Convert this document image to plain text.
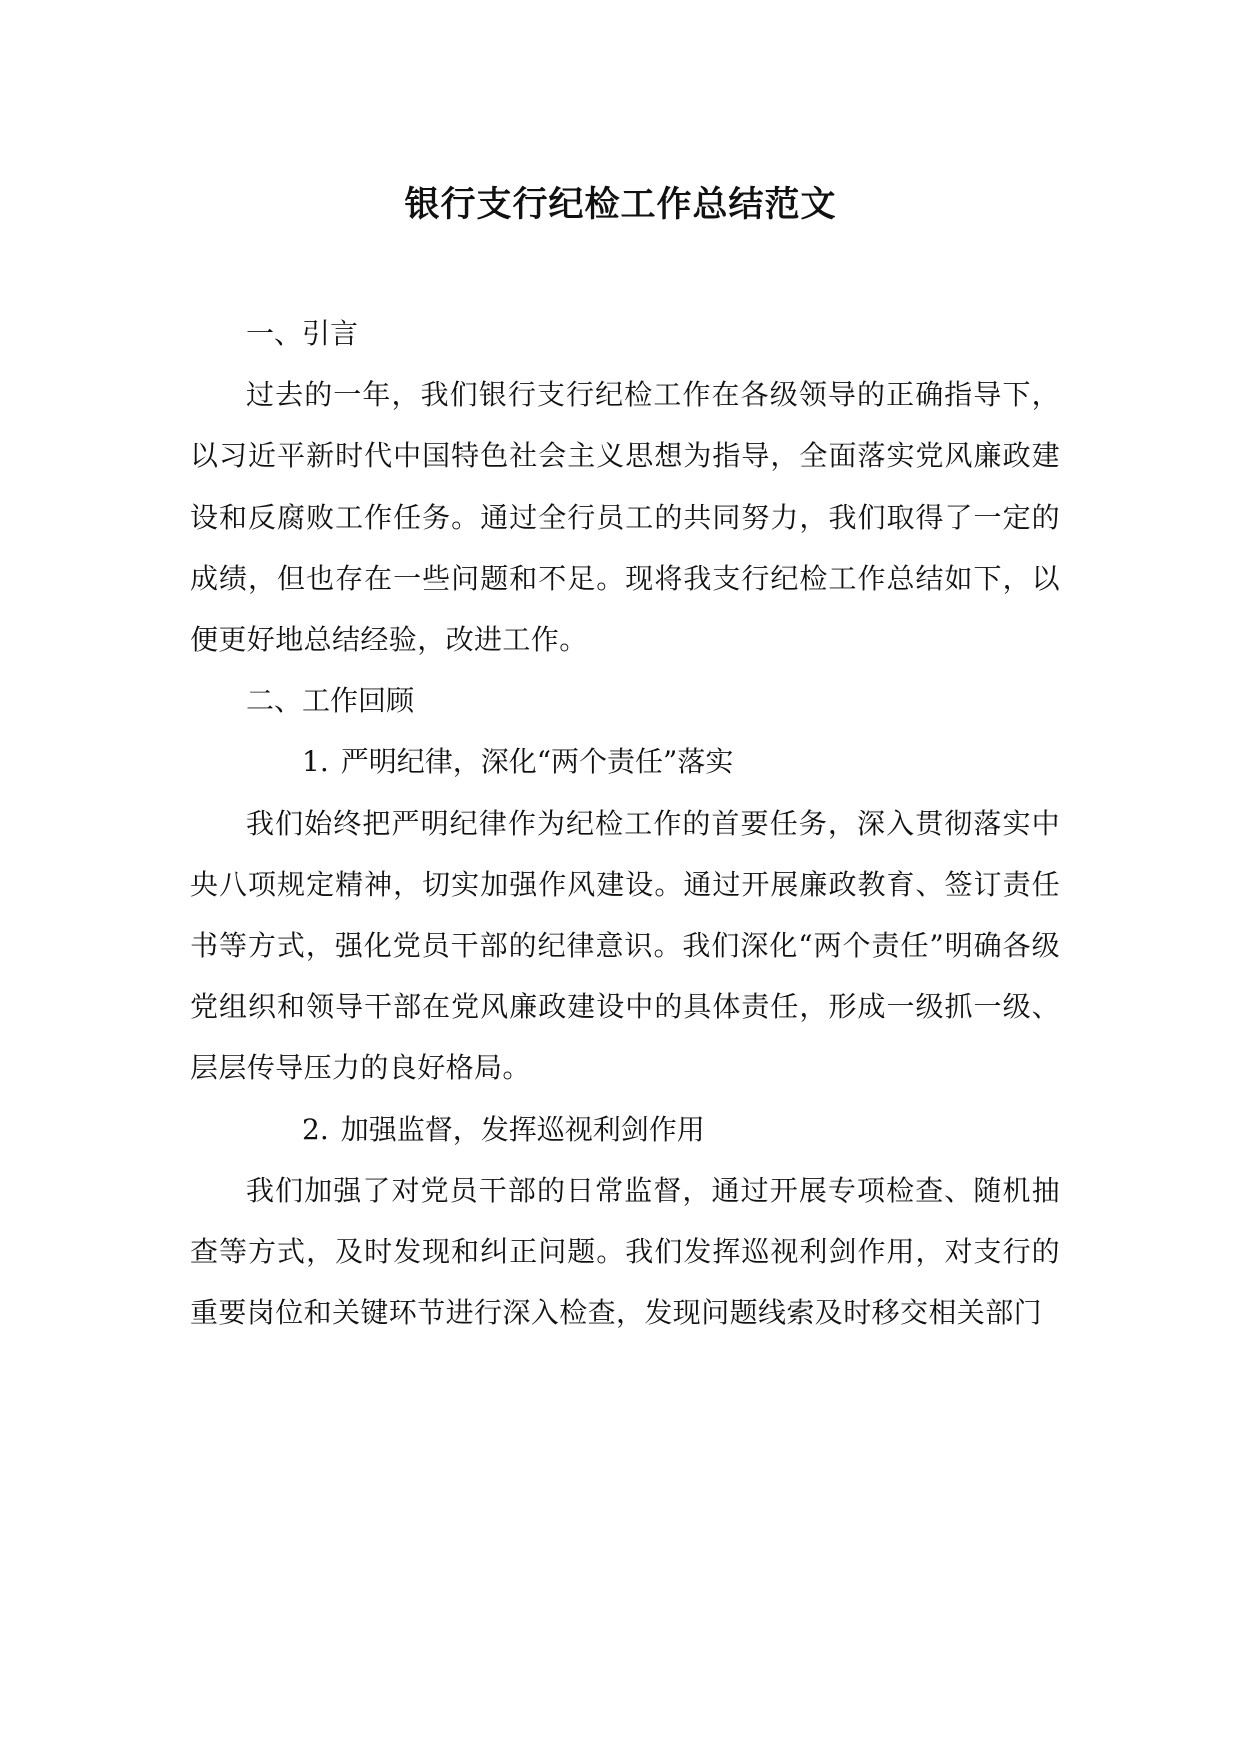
银行支行纪检工作总结范文

一、引言

过去的一年，我们银行支行纪检工作在各级领导的正确指导下，以习近平新时代中国特色社会主义思想为指导，全面落实党风廉政建设和反腐败工作任务。通过全行员工的共同努力，我们取得了一定的成绩，但也存在一些问题和不足。现将我支行纪检工作总结如下，以便更好地总结经验，改进工作。

二、工作回顾

1. 严明纪律，深化“两个责任”落实

我们始终把严明纪律作为纪检工作的首要任务，深入贯彻落实中央八项规定精神，切实加强作风建设。通过开展廉政教育、签订责任书等方式，强化党员干部的纪律意识。我们深化“两个责任”明确各级党组织和领导干部在党风廉政建设中的具体责任，形成一级抓一级、层层传导压力的良好格局。

2. 加强监督，发挥巡视利剑作用

我们加强了对党员干部的日常监督，通过开展专项检查、随机抽查等方式，及时发现和纠正问题。我们发挥巡视利剑作用，对支行的重要岗位和关键环节进行深入检查，发现问题线索及时移交相关部门
